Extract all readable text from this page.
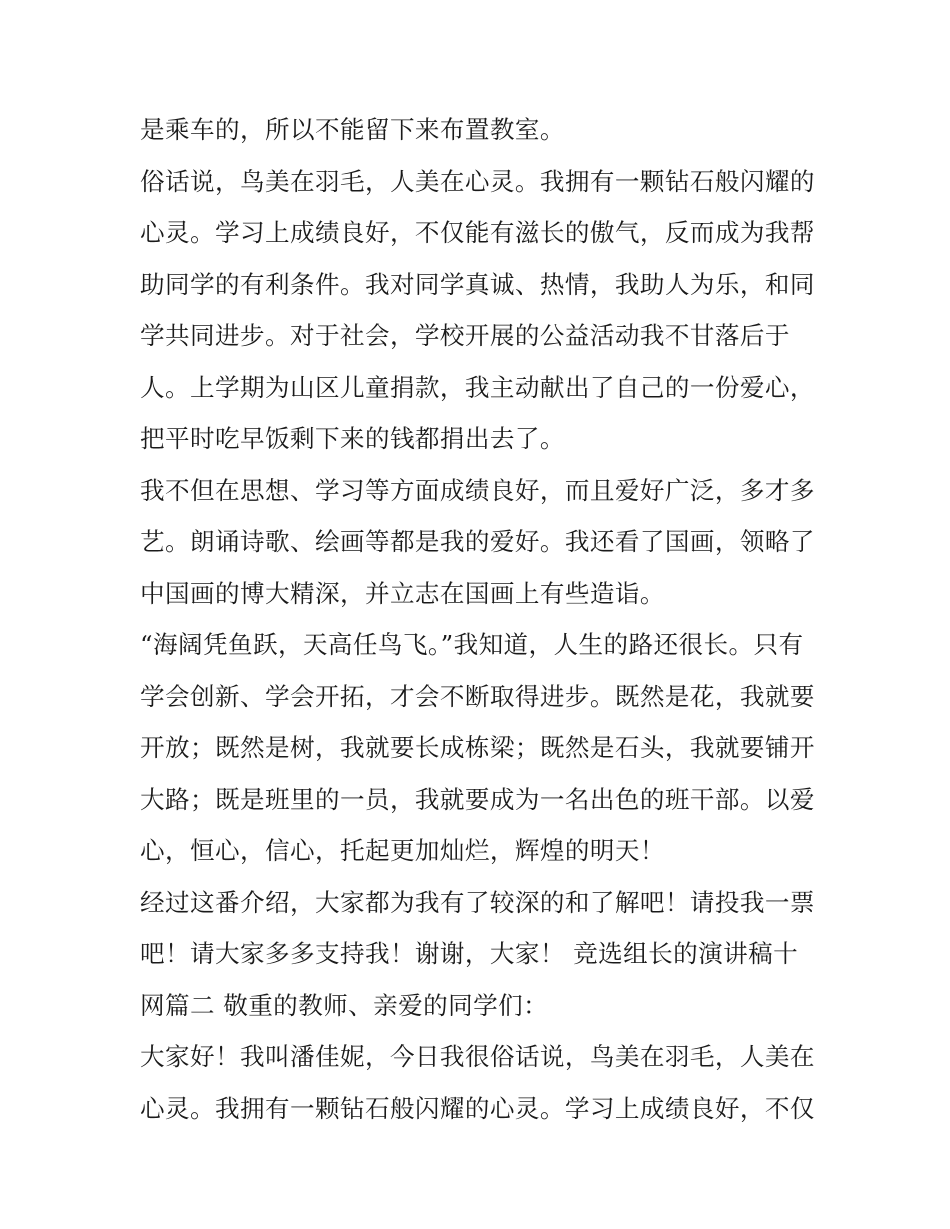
是乘车的，所以不能留下来布置教室。
俗话说，鸟美在羽毛，人美在心灵。我拥有一颗钻石般闪耀的
心灵。学习上成绩良好，不仅能有滋长的傲气，反而成为我帮
助同学的有利条件。我对同学真诚、热情，我助人为乐，和同
学共同进步。对于社会，学校开展的公益活动我不甘落后于
人。上学期为山区儿童捐款，我主动献出了自己的一份爱心，
把平时吃早饭剩下来的钱都捐出去了。
我不但在思想、学习等方面成绩良好，而且爱好广泛，多才多
艺。朗诵诗歌、绘画等都是我的爱好。我还看了国画，领略了
中国画的博大精深，并立志在国画上有些造诣。
“海阔凭鱼跃，天高任鸟飞。”我知道，人生的路还很长。只有
学会创新、学会开拓，才会不断取得进步。既然是花，我就要
开放；既然是树，我就要长成栋梁；既然是石头，我就要铺开
大路；既是班里的一员，我就要成为一名出色的班干部。以爱
心，恒心，信心，托起更加灿烂，辉煌的明天！
经过这番介绍，大家都为我有了较深的和了解吧！请投我一票
吧！请大家多多支持我！谢谢，大家！ 竞选组长的演讲稿十
网篇二 敬重的教师、亲爱的同学们：
大家好！我叫潘佳妮，今日我很俗话说，鸟美在羽毛，人美在
心灵。我拥有一颗钻石般闪耀的心灵。学习上成绩良好，不仅
